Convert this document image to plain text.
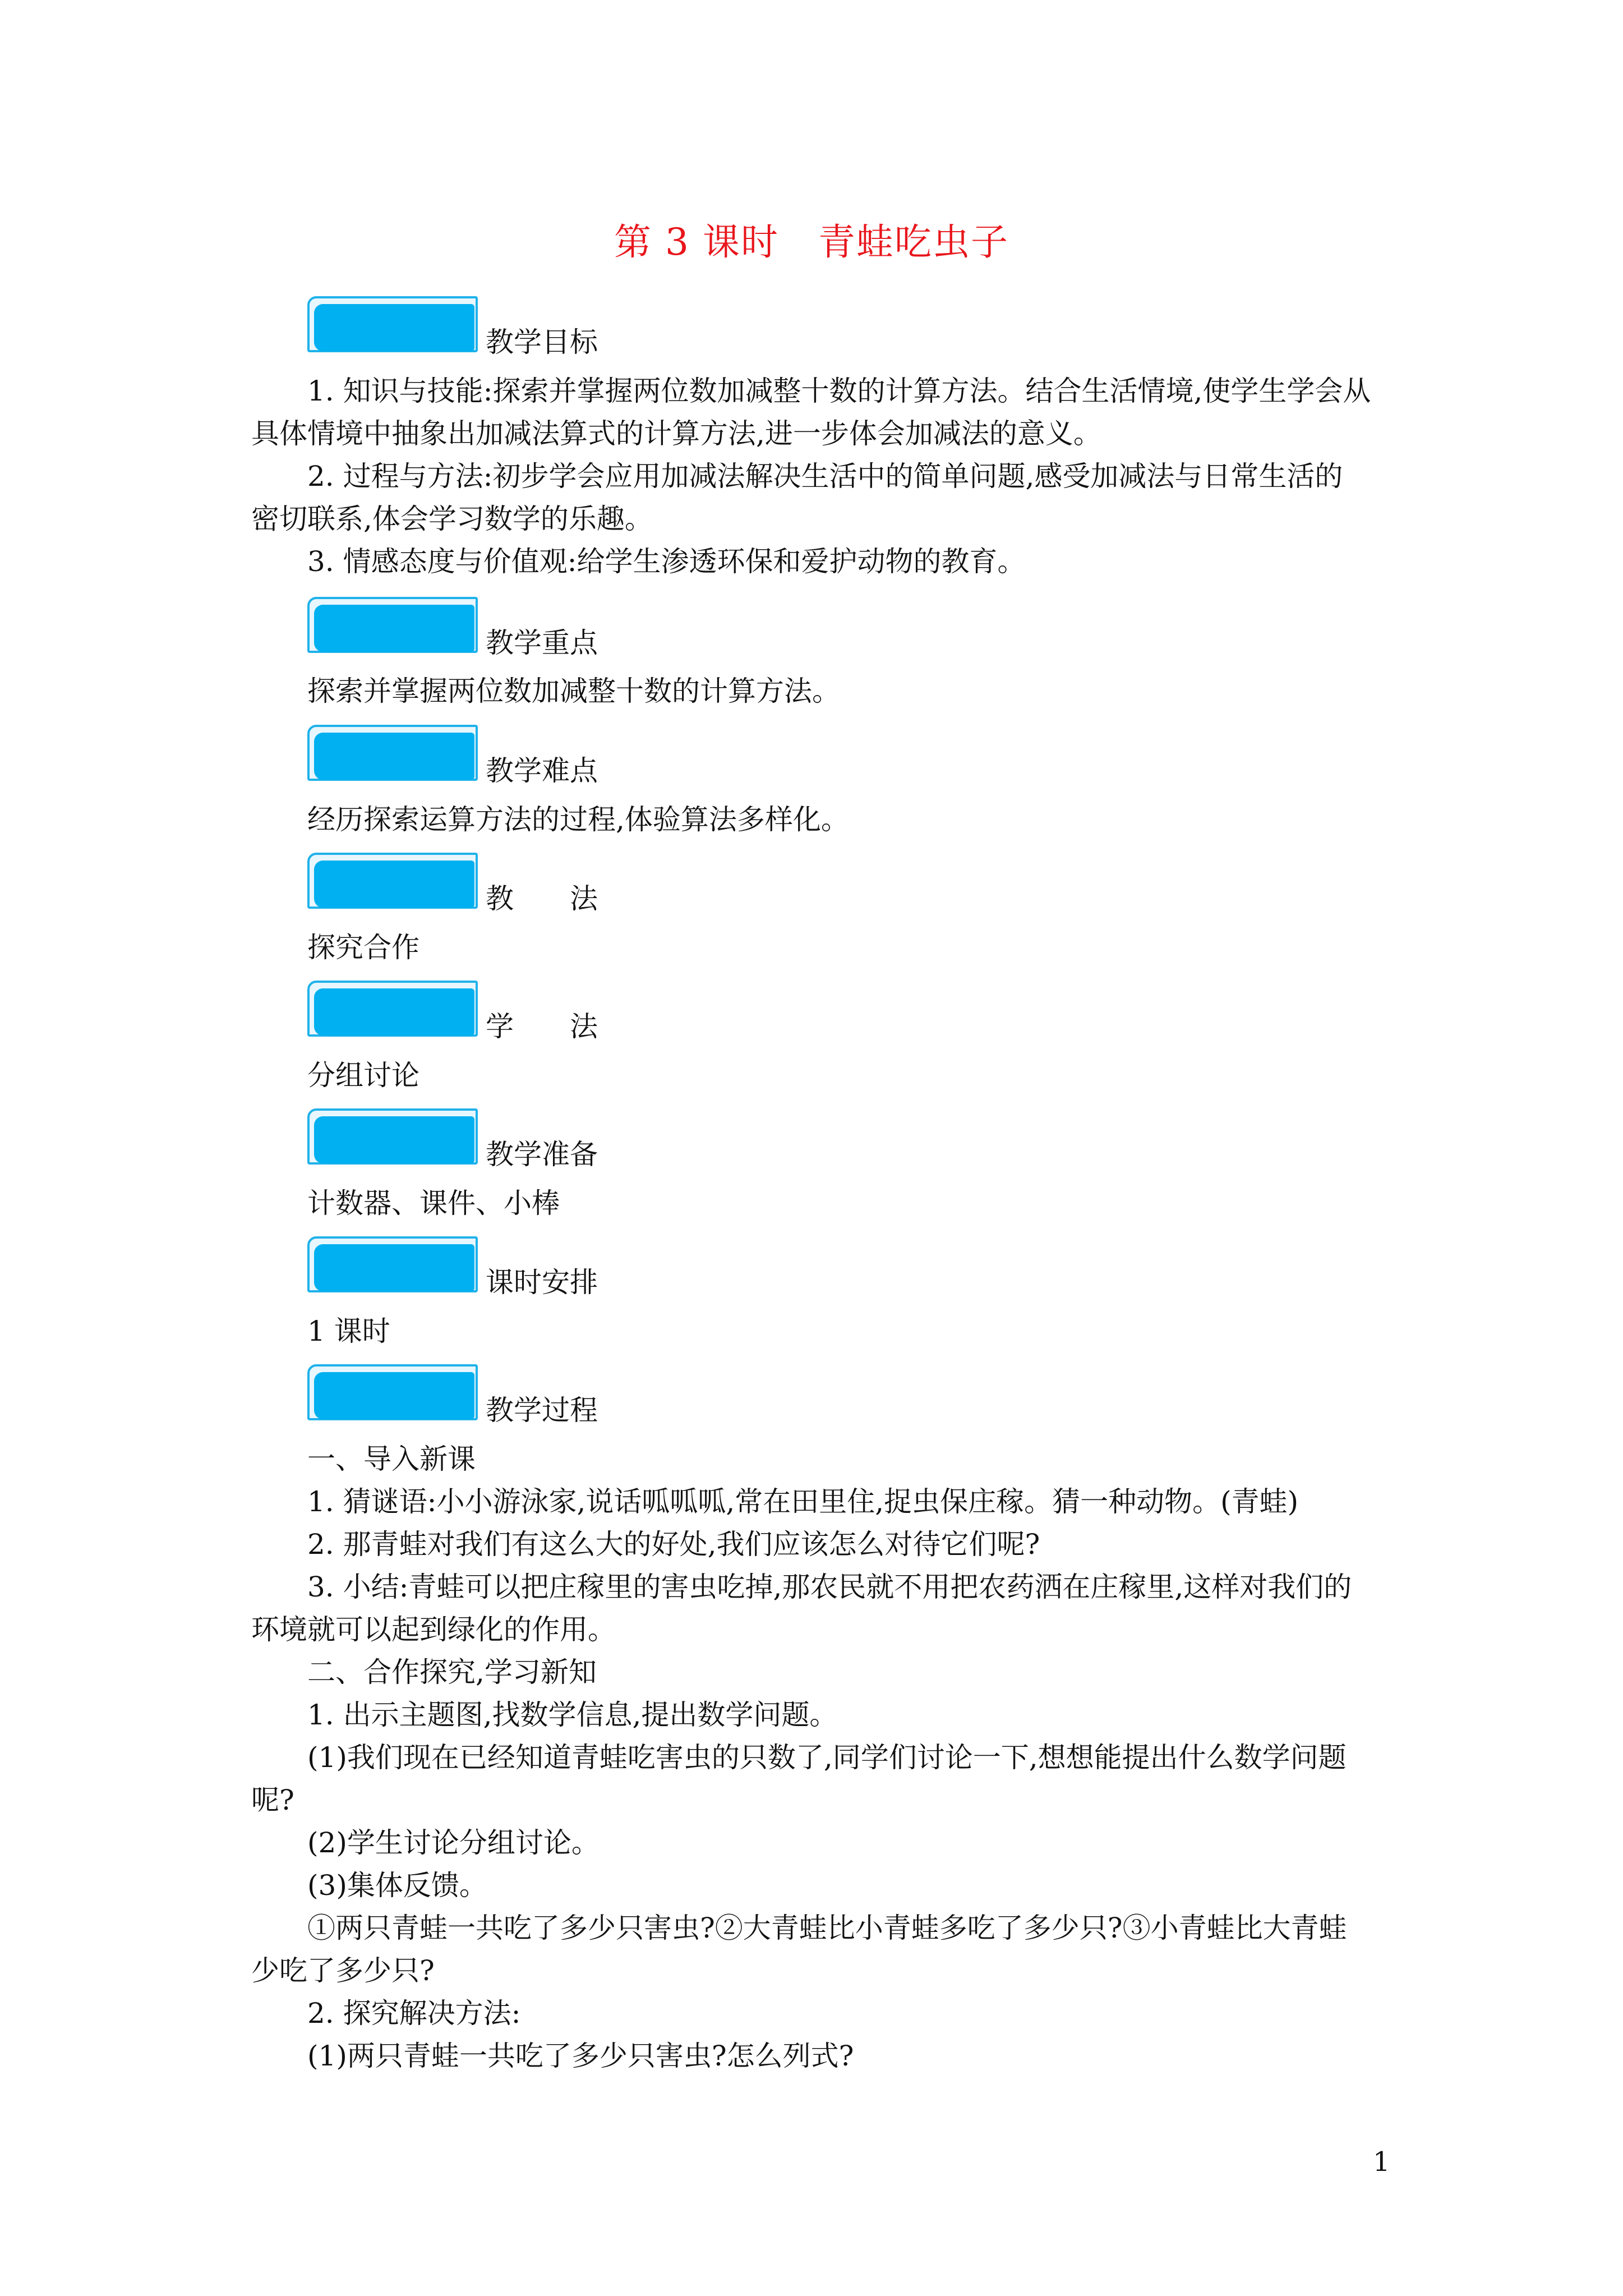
第 3 课时 青蛙吃虫子
教学目标
1. 知识与技能:探索并掌握两位数加减整十数的计算方法。结合生活情境,使学生学会从
具体情境中抽象出加减法算式的计算方法,进一步体会加减法的意义。
2. 过程与方法:初步学会应用加减法解决生活中的简单问题,感受加减法与日常生活的
密切联系,体会学习数学的乐趣。
3. 情感态度与价值观:给学生渗透环保和爱护动物的教育。
教学重点
探索并掌握两位数加减整十数的计算方法。
教学难点
经历探索运算方法的过程,体验算法多样化。
教　　法
探究合作
学　　法
分组讨论
教学准备
计数器、课件、小棒
课时安排
1 课时
教学过程
一、导入新课
1. 猜谜语:小小游泳家,说话呱呱呱,常在田里住,捉虫保庄稼。猜一种动物。(青蛙)
2. 那青蛙对我们有这么大的好处,我们应该怎么对待它们呢?
3. 小结:青蛙可以把庄稼里的害虫吃掉,那农民就不用把农药洒在庄稼里,这样对我们的
环境就可以起到绿化的作用。
二、合作探究,学习新知
1. 出示主题图,找数学信息,提出数学问题。
(1)我们现在已经知道青蛙吃害虫的只数了,同学们讨论一下,想想能提出什么数学问题
呢?
(2)学生讨论分组讨论。
(3)集体反馈。
①两只青蛙一共吃了多少只害虫?②大青蛙比小青蛙多吃了多少只?③小青蛙比大青蛙
少吃了多少只?
2. 探究解决方法:
(1)两只青蛙一共吃了多少只害虫?怎么列式?
1
